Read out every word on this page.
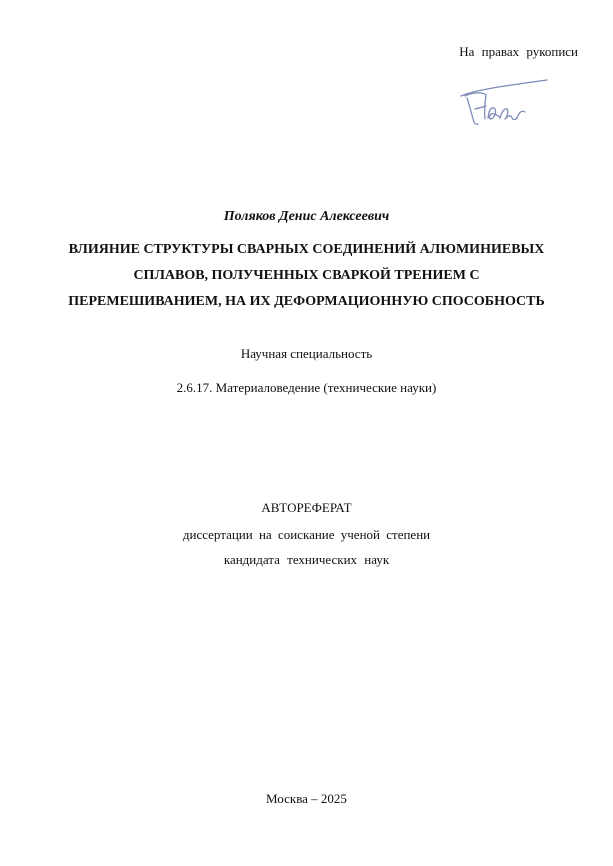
На правах рукописи
Поляков Денис Алексеевич
ВЛИЯНИЕ СТРУКТУРЫ СВАРНЫХ СОЕДИНЕНИЙ АЛЮМИНИЕВЫХ
СПЛАВОВ, ПОЛУЧЕННЫХ СВАРКОЙ ТРЕНИЕМ С
ПЕРЕМЕШИВАНИЕМ, НА ИХ ДЕФОРМАЦИОННУЮ СПОСОБНОСТЬ
Научная специальность
2.6.17. Материаловедение (технические науки)
АВТОРЕФЕРАТ
диссертации на соискание ученой степени
кандидата технических наук
Москва – 2025
